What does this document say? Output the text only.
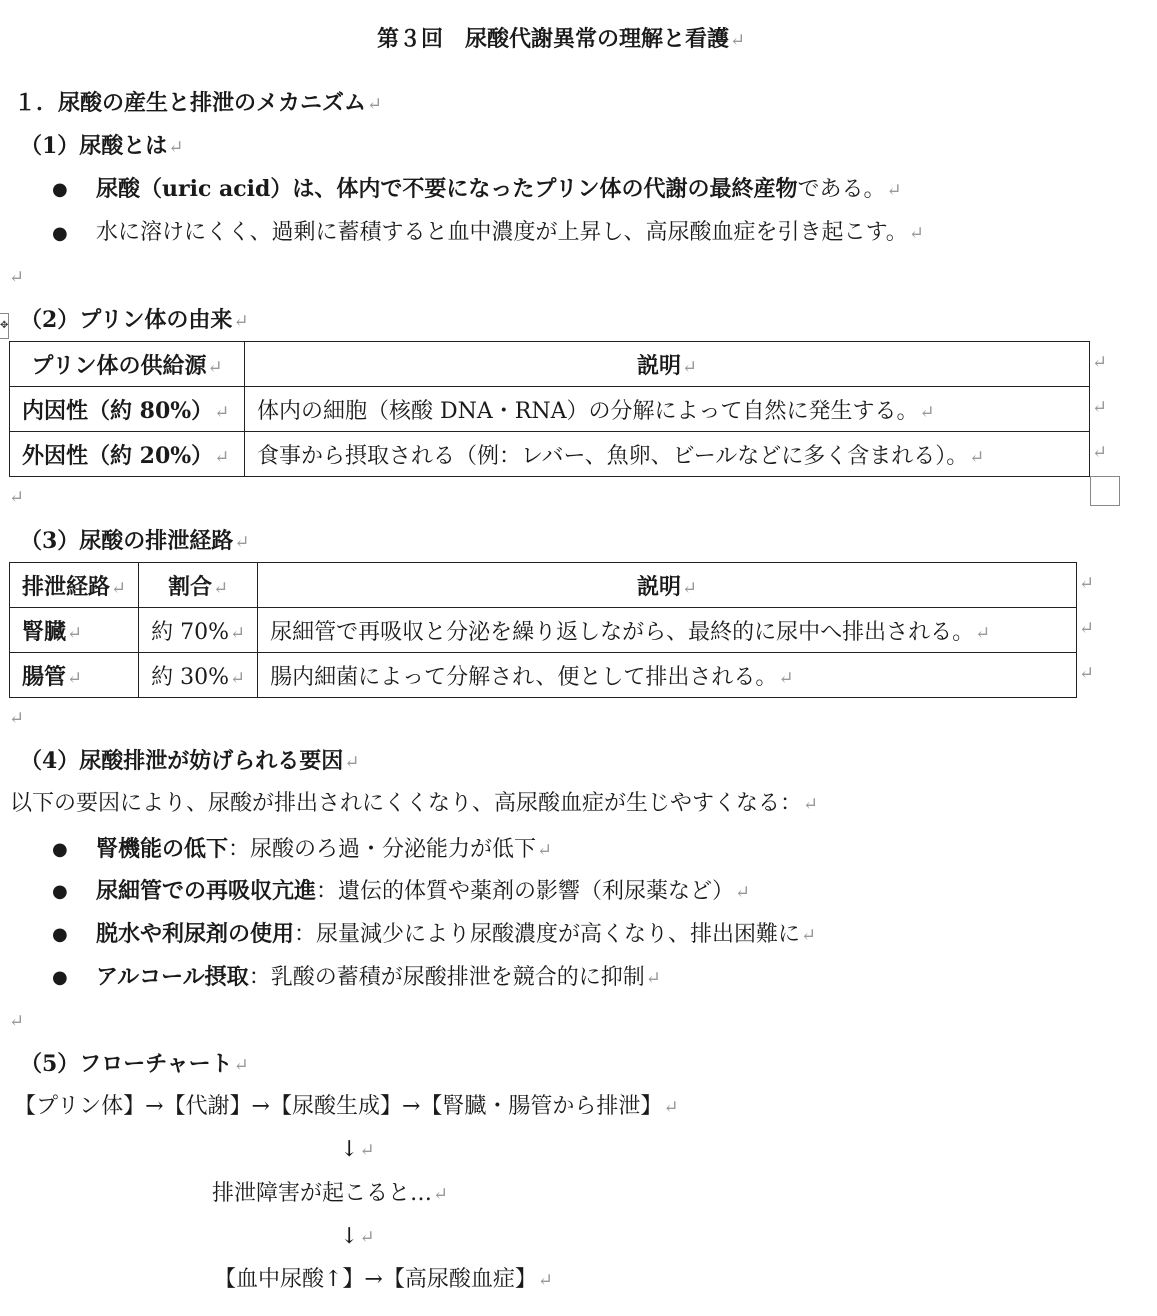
第３回　尿酸代謝異常の理解と看護↵
１．尿酸の産生と排泄のメカニズム↵
（1）尿酸とは↵
● 尿酸（uric acid）は、体内で不要になったプリン体の代謝の最終産物である。↵
● 水に溶けにくく、過剰に蓄積すると血中濃度が上昇し、高尿酸血症を引き起こす。↵
↵
✥ （2）プリン体の由来↵
プリン体の供給源↵	説明↵
内因性（約 80%）↵	体内の細胞（核酸 DNA・RNA）の分解によって自然に発生する。↵
外因性（約 20%）↵	食事から摂取される（例：レバー、魚卵、ビールなどに多く含まれる）。↵
↵
↵
↵
↵
（3）尿酸の排泄経路↵
排泄経路↵	割合↵	説明↵
腎臓↵	約 70%↵	尿細管で再吸収と分泌を繰り返しながら、最終的に尿中へ排出される。↵
腸管↵	約 30%↵	腸内細菌によって分解され、便として排出される。↵
↵
↵
↵
↵
（4）尿酸排泄が妨げられる要因↵
以下の要因により、尿酸が排出されにくくなり、高尿酸血症が生じやすくなる：↵
● 腎機能の低下：尿酸のろ過・分泌能力が低下↵
● 尿細管での再吸収亢進：遺伝的体質や薬剤の影響（利尿薬など）↵
● 脱水や利尿剤の使用：尿量減少により尿酸濃度が高くなり、排出困難に↵
● アルコール摂取：乳酸の蓄積が尿酸排泄を競合的に抑制↵
↵
（5）フローチャート↵
【プリン体】→【代謝】→【尿酸生成】→【腎臓・腸管から排泄】↵
↓↵
排泄障害が起こると…↵
↓↵
【血中尿酸↑】→【高尿酸血症】↵
